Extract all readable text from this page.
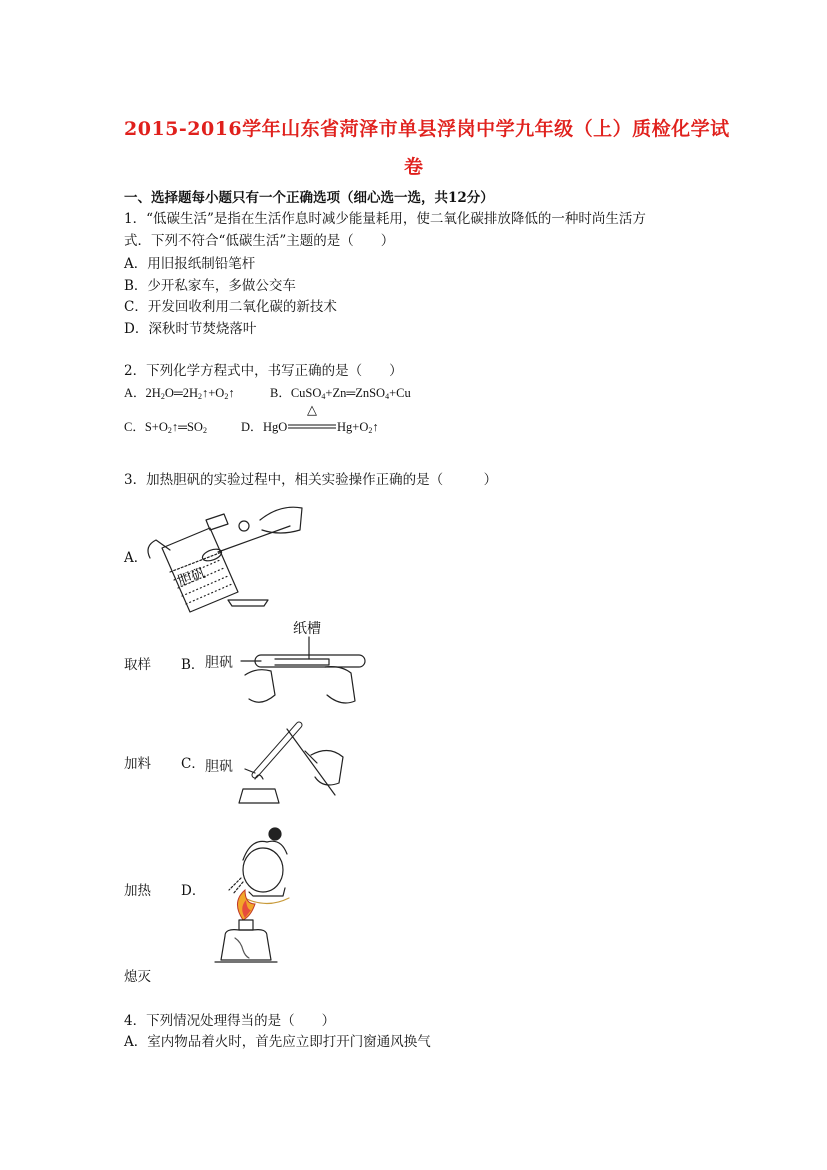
2015-2016学年山东省菏泽市单县浮岗中学九年级（上）质检化学试
卷
一、选择题每小题只有一个正确选项（细心选一选，共12分）
1．“低碳生活”是指在生活作息时减少能量耗用，使二氧化碳排放降低的一种时尚生活方
式．下列不符合“低碳生活”主题的是（　　）
A．用旧报纸制铅笔杆
B．少开私家车，多做公交车
C．开发回收利用二氧化碳的新技术
D．深秋时节焚烧落叶
2．下列化学方程式中，书写正确的是（　　）
A．$2H_2O═2H_2↑+O_2↑$	B．CuSO$_4$+Zn═ZnSO$_4$+Cu
C．$S+O_2↑═SO_2$	D． HgO
△
$Hg+O_2↑$
3．加热胆矾的实验过程中，相关实验操作正确的是（　　　）
A．
胆矾
取样 B．
纸槽
胆矾
加料 C． 胆矾
加热 D．
熄灭
4．下列情况处理得当的是（　　）
A．室内物品着火时，首先应立即打开门窗通风换气
